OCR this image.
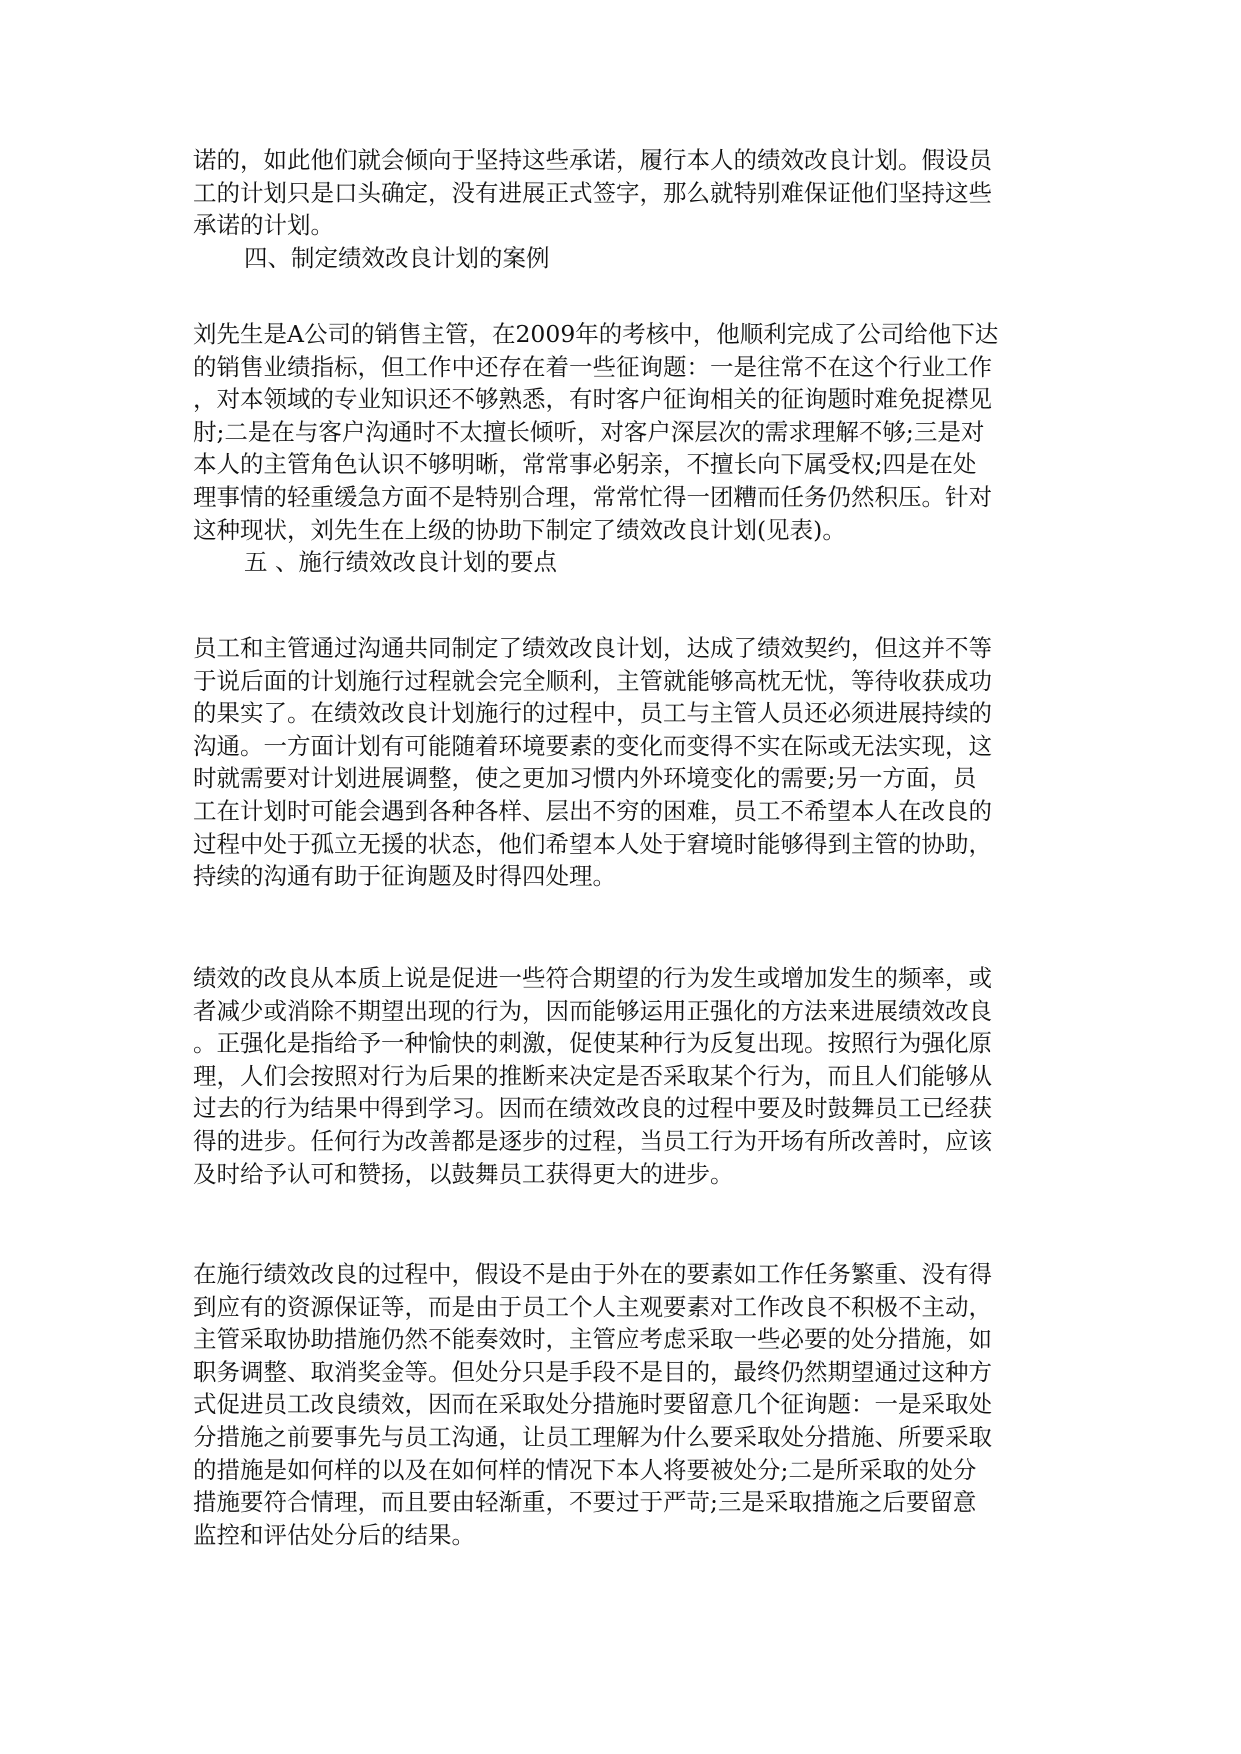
诺的，如此他们就会倾向于坚持这些承诺，履行本人的绩效改良计划。假设员
工的计划只是口头确定，没有进展正式签字，那么就特别难保证他们坚持这些
承诺的计划。
四、制定绩效改良计划的案例
刘先生是A公司的销售主管，在2009年的考核中，他顺利完成了公司给他下达
的销售业绩指标，但工作中还存在着一些征询题：一是往常不在这个行业工作
，对本领域的专业知识还不够熟悉，有时客户征询相关的征询题时难免捉襟见
肘;二是在与客户沟通时不太擅长倾听，对客户深层次的需求理解不够;三是对
本人的主管角色认识不够明晰，常常事必躬亲，不擅长向下属受权;四是在处
理事情的轻重缓急方面不是特别合理，常常忙得一团糟而任务仍然积压。针对
这种现状，刘先生在上级的协助下制定了绩效改良计划(见表)。
五 、施行绩效改良计划的要点
员工和主管通过沟通共同制定了绩效改良计划，达成了绩效契约，但这并不等
于说后面的计划施行过程就会完全顺利，主管就能够高枕无忧，等待收获成功
的果实了。在绩效改良计划施行的过程中，员工与主管人员还必须进展持续的
沟通。一方面计划有可能随着环境要素的变化而变得不实在际或无法实现，这
时就需要对计划进展调整，使之更加习惯内外环境变化的需要;另一方面，员
工在计划时可能会遇到各种各样、层出不穷的困难，员工不希望本人在改良的
过程中处于孤立无援的状态，他们希望本人处于窘境时能够得到主管的协助，
持续的沟通有助于征询题及时得四处理。
绩效的改良从本质上说是促进一些符合期望的行为发生或增加发生的频率，或
者减少或消除不期望出现的行为，因而能够运用正强化的方法来进展绩效改良
。正强化是指给予一种愉快的刺激，促使某种行为反复出现。按照行为强化原
理，人们会按照对行为后果的推断来决定是否采取某个行为，而且人们能够从
过去的行为结果中得到学习。因而在绩效改良的过程中要及时鼓舞员工已经获
得的进步。任何行为改善都是逐步的过程，当员工行为开场有所改善时，应该
及时给予认可和赞扬，以鼓舞员工获得更大的进步。
在施行绩效改良的过程中，假设不是由于外在的要素如工作任务繁重、没有得
到应有的资源保证等，而是由于员工个人主观要素对工作改良不积极不主动，
主管采取协助措施仍然不能奏效时，主管应考虑采取一些必要的处分措施，如
职务调整、取消奖金等。但处分只是手段不是目的，最终仍然期望通过这种方
式促进员工改良绩效，因而在采取处分措施时要留意几个征询题：一是采取处
分措施之前要事先与员工沟通，让员工理解为什么要采取处分措施、所要采取
的措施是如何样的以及在如何样的情况下本人将要被处分;二是所采取的处分
措施要符合情理，而且要由轻渐重，不要过于严苛;三是采取措施之后要留意
监控和评估处分后的结果。
